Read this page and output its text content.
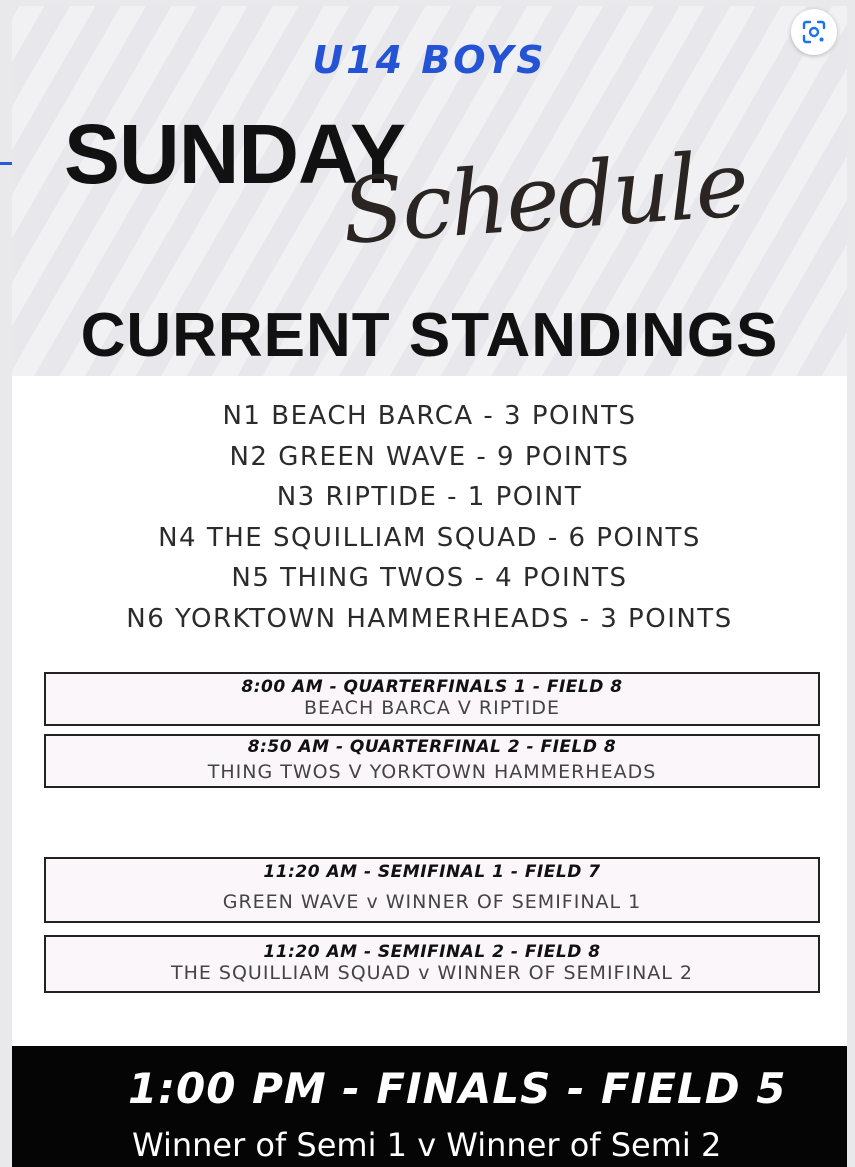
U14 BOYS
SUNDAY
Schedule
CURRENT STANDINGS
N1 BEACH BARCA - 3 POINTS
N2 GREEN WAVE - 9 POINTS
N3 RIPTIDE - 1 POINT
N4 THE SQUILLIAM SQUAD - 6 POINTS
N5 THING TWOS - 4 POINTS
N6 YORKTOWN HAMMERHEADS - 3 POINTS
8:00 AM - QUARTERFINALS 1 - FIELD 8
BEACH BARCA V RIPTIDE
8:50 AM - QUARTERFINAL 2 - FIELD 8
THING TWOS V YORKTOWN HAMMERHEADS
11:20 AM - SEMIFINAL 1 - FIELD 7
GREEN WAVE v WINNER OF SEMIFINAL 1
11:20 AM - SEMIFINAL 2 - FIELD 8
THE SQUILLIAM SQUAD v WINNER OF SEMIFINAL 2
1:00 PM - FINALS - FIELD 5
Winner of Semi 1 v Winner of Semi 2
